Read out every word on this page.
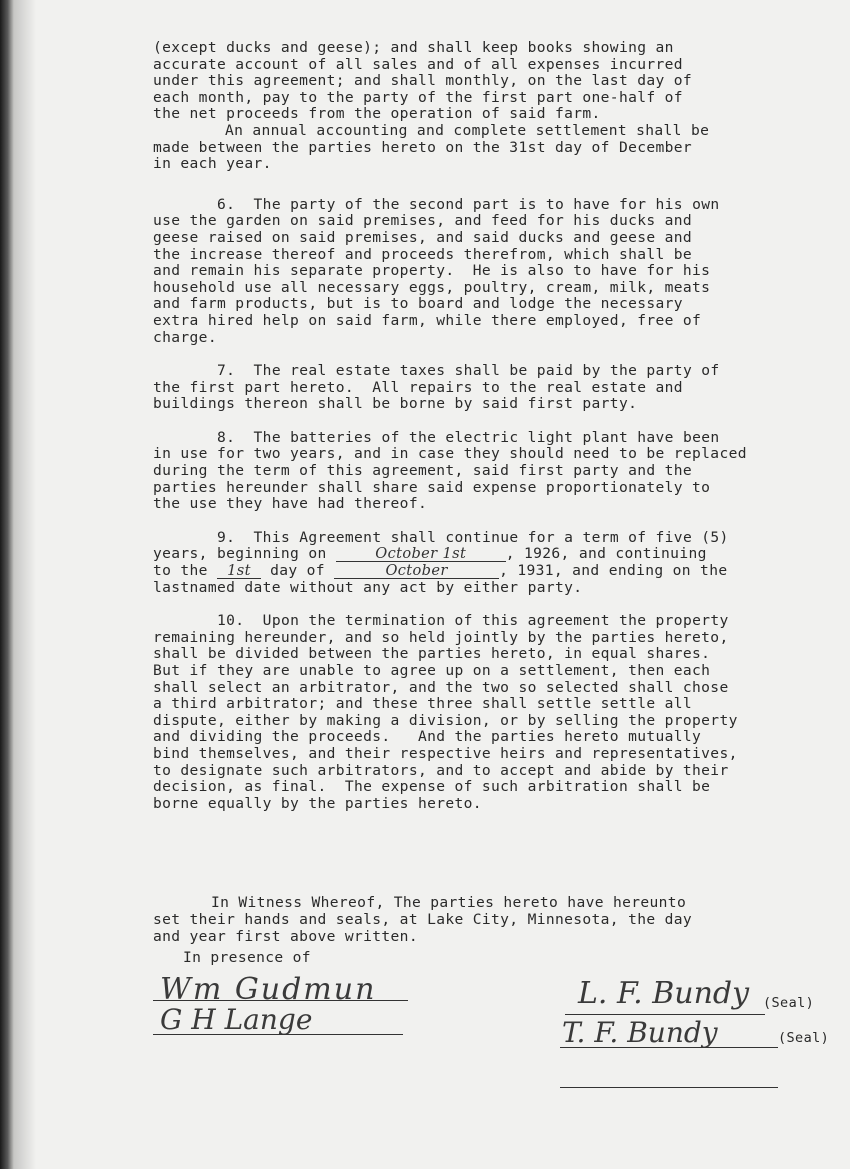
(except ducks and geese); and shall keep books showing an
accurate account of all sales and of all expenses incurred
under this agreement; and shall monthly, on the last day of
each month, pay to the party of the first part one-half of
the net proceeds from the operation of said farm.
An annual accounting and complete settlement shall be
made between the parties hereto on the 31st day of December
in each year.
6.  The party of the second part is to have for his own
use the garden on said premises, and feed for his ducks and
geese raised on said premises, and said ducks and geese and
the increase thereof and proceeds therefrom, which shall be
and remain his separate property.  He is also to have for his
household use all necessary eggs, poultry, cream, milk, meats
and farm products, but is to board and lodge the necessary
extra hired help on said farm, while there employed, free of
charge.
7.  The real estate taxes shall be paid by the party of
the first part hereto.  All repairs to the real estate and
buildings thereon shall be borne by said first party.
8.  The batteries of the electric light plant have been
in use for two years, and in case they should need to be replaced
during the term of this agreement, said first party and the
parties hereunder shall share said expense proportionately to
the use they have had thereof.
9.  This Agreement shall continue for a term of five (5)
years, beginning on	October 1st	, 1926, and continuing
to the 1st day of	October	, 1931, and ending on the
lastnamed date without any act by either party.
10.  Upon the termination of this agreement the property
remaining hereunder, and so held jointly by the parties hereto,
shall be divided between the parties hereto, in equal shares.
But if they are unable to agree up on a settlement, then each
shall select an arbitrator, and the two so selected shall chose
a third arbitrator; and these three shall settle settle all
dispute, either by making a division, or by selling the property
and dividing the proceeds.   And the parties hereto mutually
bind themselves, and their respective heirs and representatives,
to designate such arbitrators, and to accept and abide by their
decision, as final.  The expense of such arbitration shall be
borne equally by the parties hereto.
In Witness Whereof, The parties hereto have hereunto
set their hands and seals, at Lake City, Minnesota, the day
and year first above written.
In presence of
Wm Gudmun
G H Lange
L. F. Bundy (Seal)
T. F. Bundy	(Seal)
